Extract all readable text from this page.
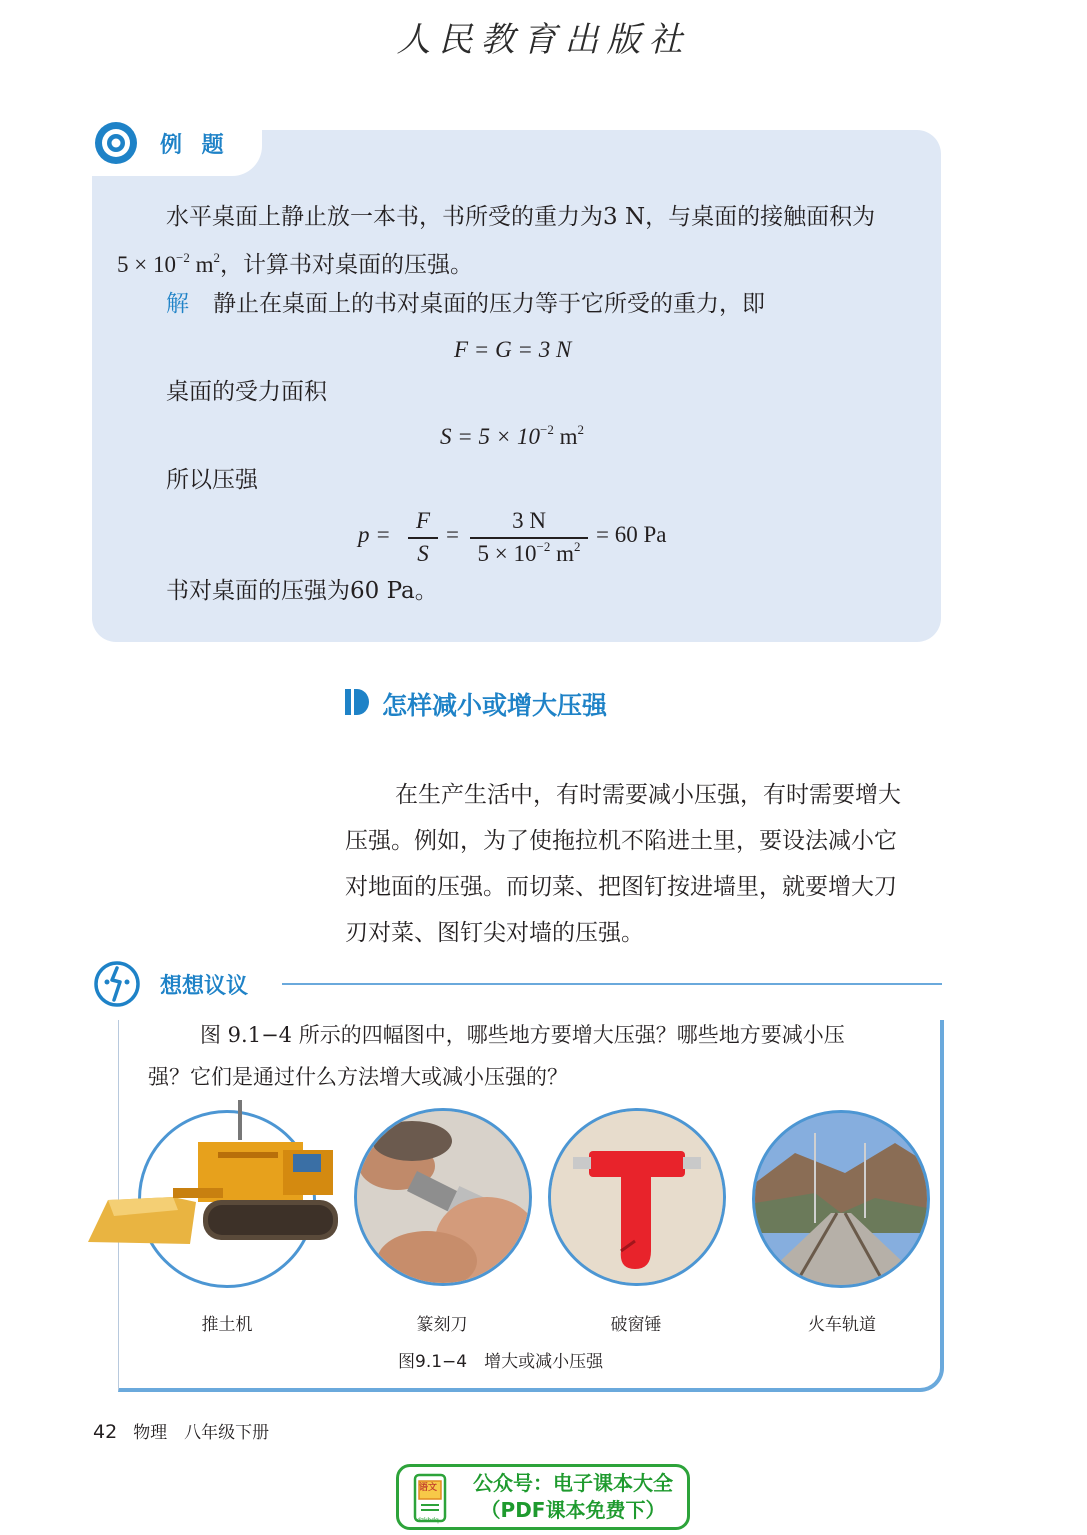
人民教育出版社
例 题
水平桌面上静止放一本书，书所受的重力为3 N，与桌面的接触面积为
$5 \times 10^{-2}$ $m^2$，计算书对桌面的压强。
解 静止在桌面上的书对桌面的压力等于它所受的重力，即
F = G = 3 N
桌面的受力面积
$S = 5 \times 10^{-2}$ $m^2$
所以压强
p =
F
S
=
3 N
$5 \times 10^{-2}$ $m^2 = 60$ Pa
书对桌面的压强为60 Pa。
怎样减小或增大压强
在生产生活中，有时需要减小压强，有时需要增大
压强。例如，为了使拖拉机不陷进土里，要设法减小它
对地面的压强。而切菜、把图钉按进墙里，就要增大刀
刃对菜、图钉尖对墙的压强。
想想议议
图 9.1−4 所示的四幅图中，哪些地方要增大压强？哪些地方要减小压
强？它们是通过什么方法增大或减小压强的？
推土机	篆刻刀	破窗锤	火车轨道
图9.1−4　增大或减小压强
42 物理　八年级下册
语文
dzkbdq
公众号：电子课本大全
（PDF课本免费下）
